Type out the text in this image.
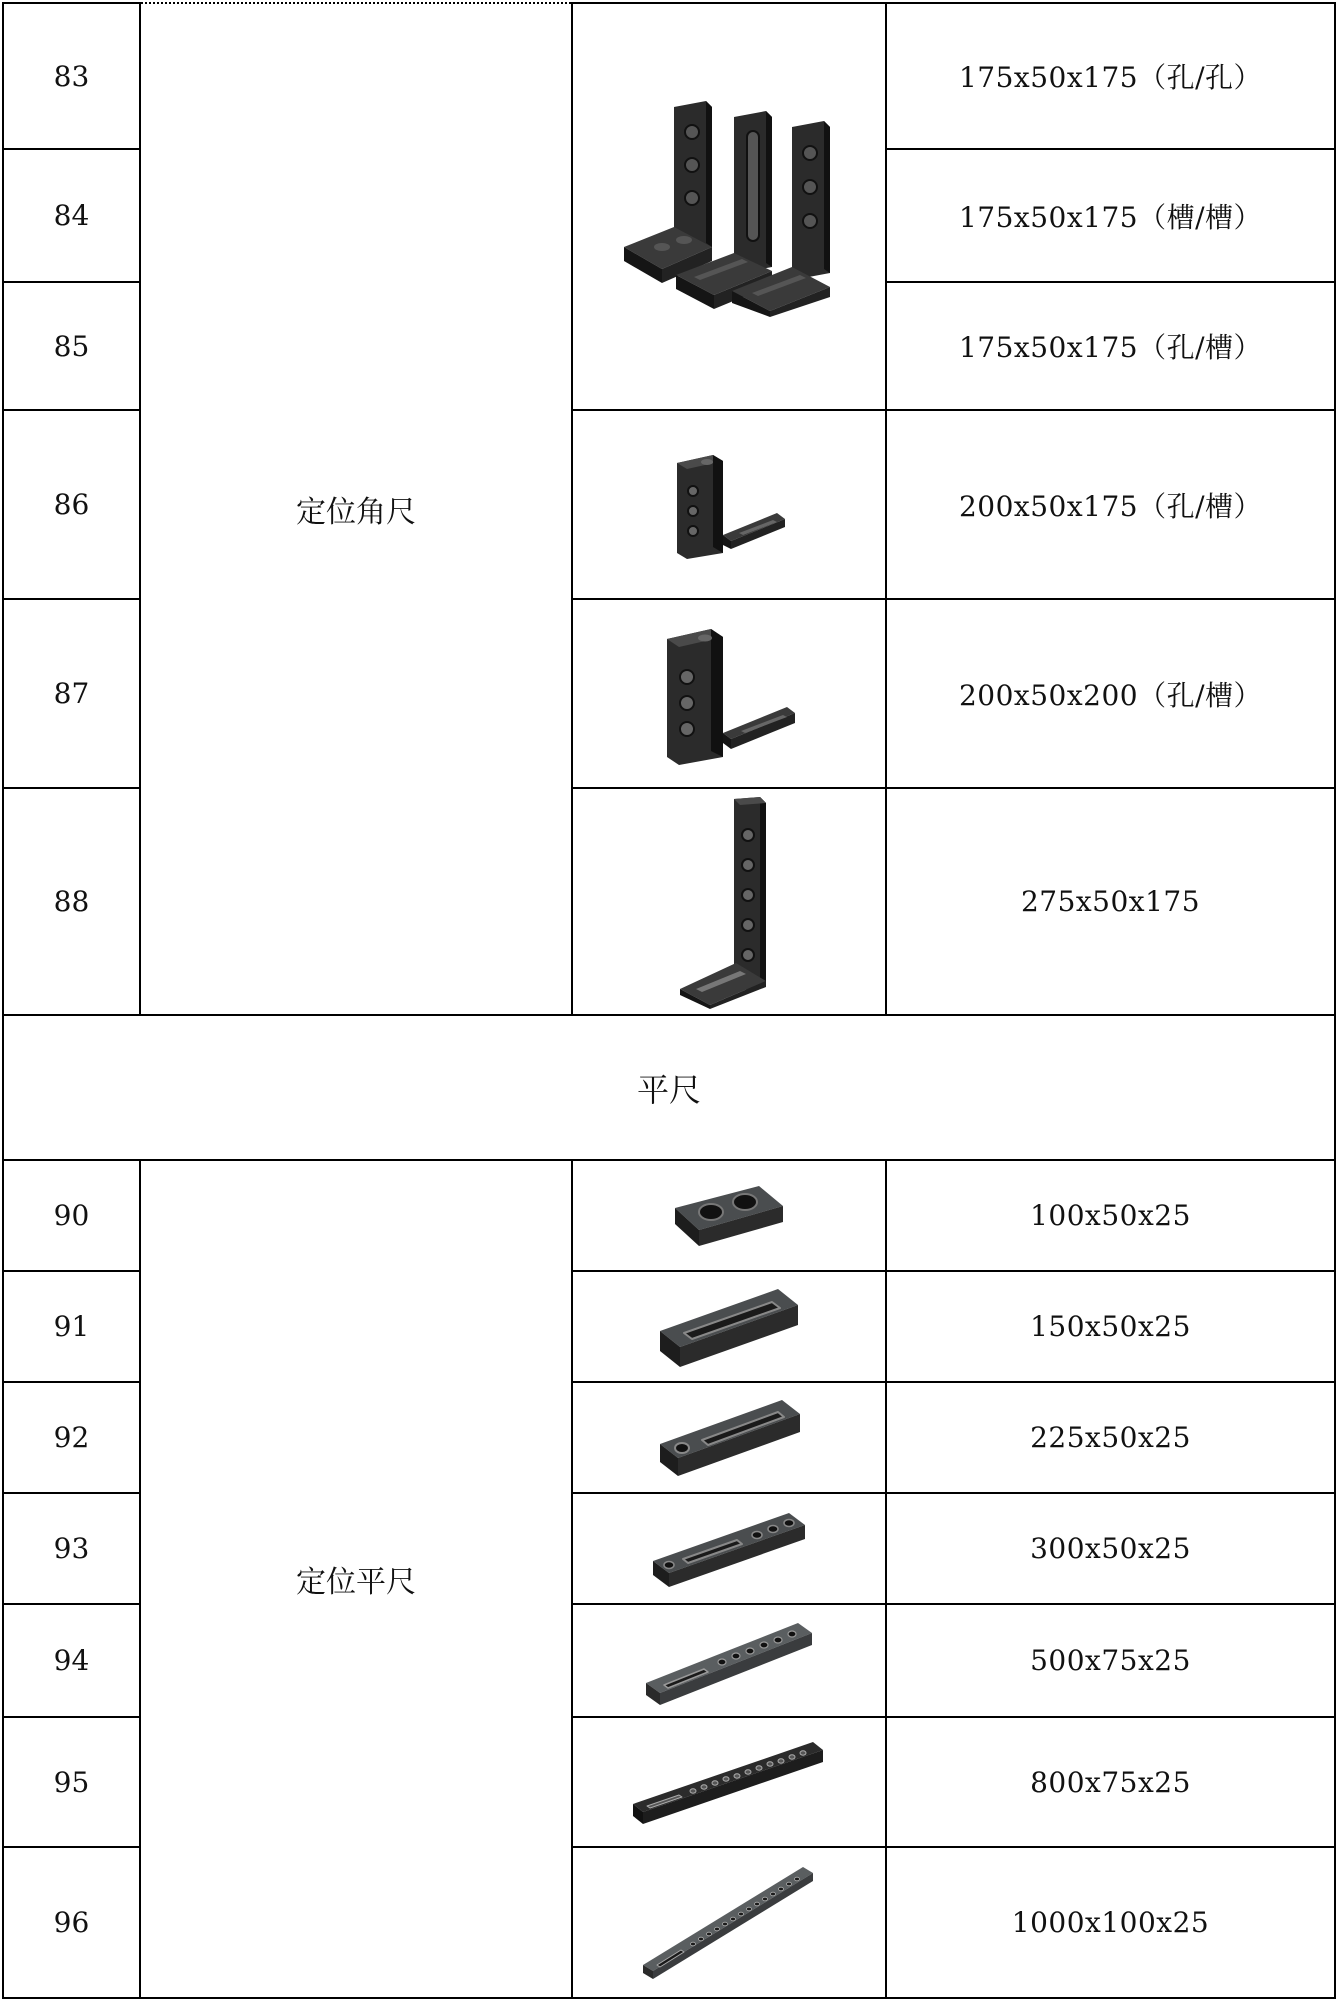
83	定位角尺		175x50x175（孔/孔）
84			175x50x175（槽/槽）
85			175x50x175（孔/槽）
86			200x50x175（孔/槽）
87			200x50x200（孔/槽）
88			275x50x175
平尺			
90	定位平尺		100x50x25
91			150x50x25
92			225x50x25
93			300x50x25
94			500x75x25
95			800x75x25
96			1000x100x25
